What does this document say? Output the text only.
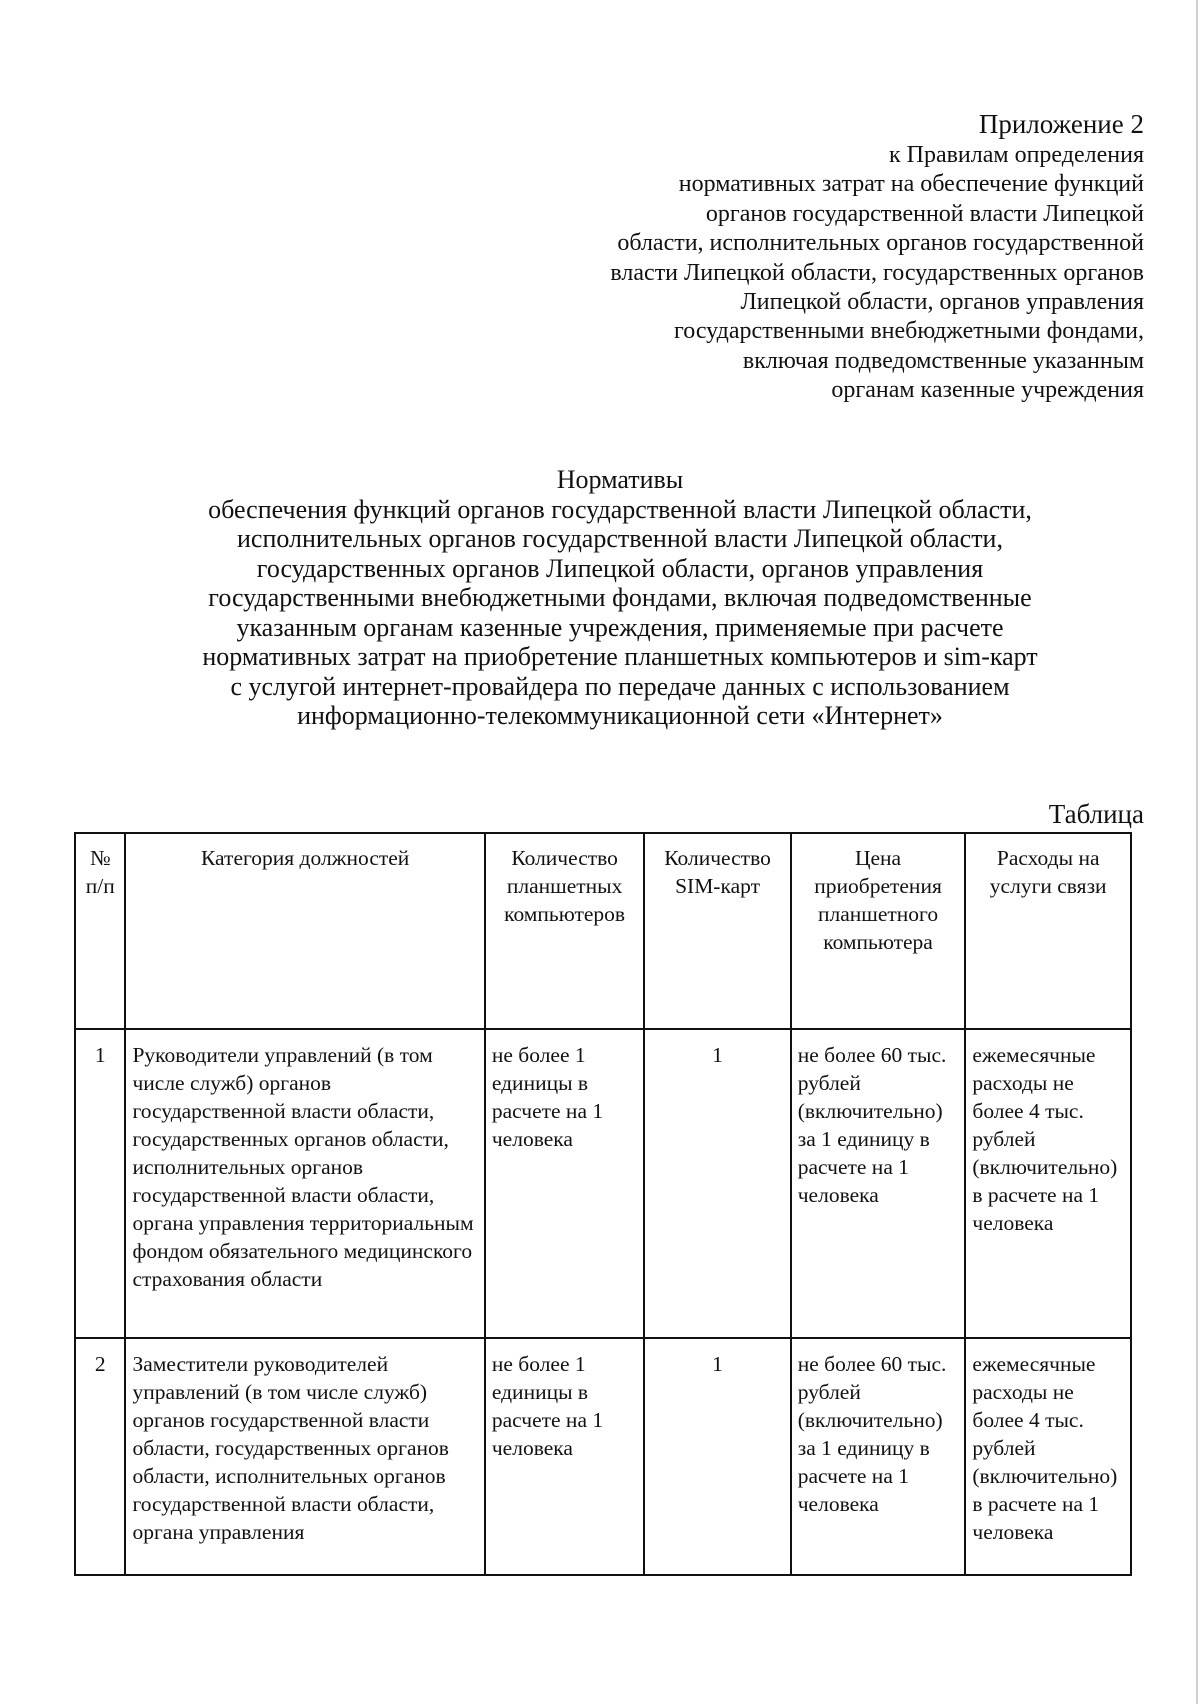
Приложение 2
к Правилам определения
нормативных затрат на обеспечение функций
органов государственной власти Липецкой
области, исполнительных органов государственной
власти Липецкой области, государственных органов
Липецкой области, органов управления
государственными внебюджетными фондами,
включая подведомственные указанным
органам казенные учреждения
Нормативы
обеспечения функций органов государственной власти Липецкой области,
исполнительных органов государственной власти Липецкой области,
государственных органов Липецкой области, органов управления
государственными внебюджетными фондами, включая подведомственные
указанным органам казенные учреждения, применяемые при расчете
нормативных затрат на приобретение планшетных компьютеров и sim-карт
с услугой интернет-провайдера по передаче данных с использованием
информационно-телекоммуникационной сети «Интернет»
Таблица
№ п/п	Категория должностей	Количество планшетных компьютеров	Количество SIM-карт	Цена приобретения планшетного компьютера	Расходы на услуги связи
1	Руководители управлений (в том числе служб) органов государственной власти области, государственных органов области, исполнительных органов государственной власти области, органа управления территориальным фондом обязательного медицинского страхования области	не более 1 единицы в расчете на 1 человека	1	не более 60 тыс. рублей (включительно) за 1 единицу в расчете на 1 человека	ежемесячные расходы не более 4 тыс. рублей (включительно) в расчете на 1 человека
2	Заместители руководителей управлений (в том числе служб) органов государственной власти области, государственных органов области, исполнительных органов государственной власти области, органа управления	не более 1 единицы в расчете на 1 человека	1	не более 60 тыс. рублей (включительно) за 1 единицу в расчете на 1 человека	ежемесячные расходы не более 4 тыс. рублей (включительно) в расчете на 1 человека
